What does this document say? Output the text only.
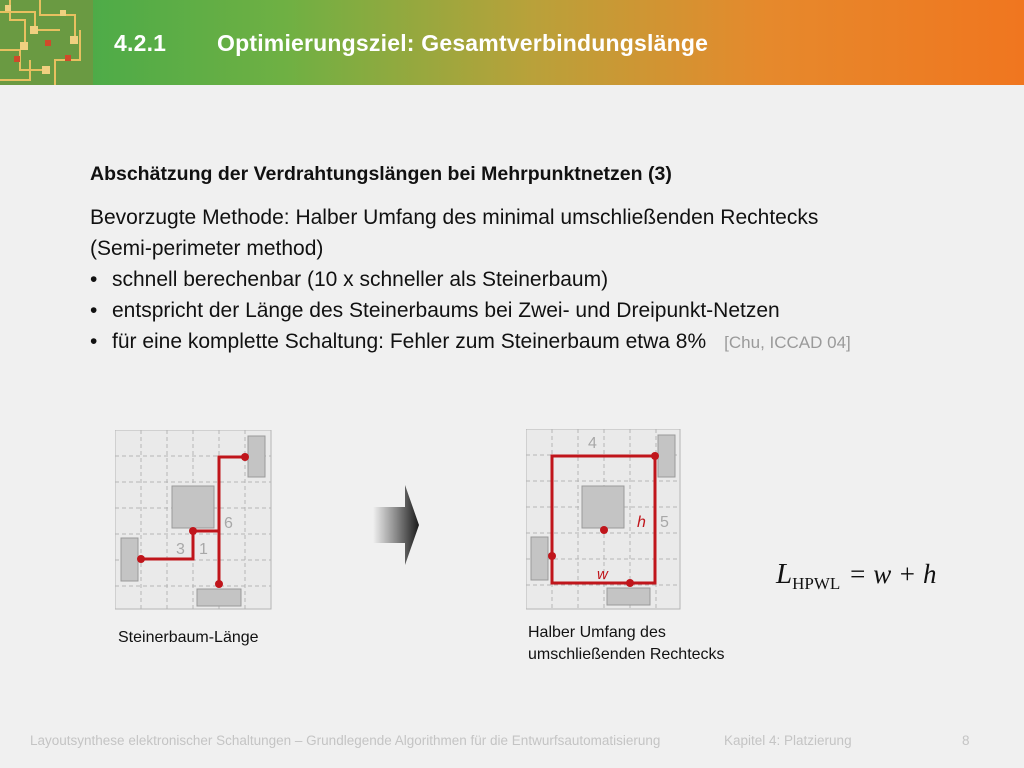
4.2.1 Optimierungsziel: Gesamtverbindungslänge
Abschätzung der Verdrahtungslängen bei Mehrpunktnetzen (3)
Bevorzugte Methode: Halber Umfang des minimal umschließenden Rechtecks
(Semi-perimeter method)
• schnell berechenbar (10 x schneller als Steinerbaum)
• entspricht der Länge des Steinerbaums bei Zwei- und Dreipunkt-Netzen
• für eine komplette Schaltung: Fehler zum Steinerbaum etwa 8% [Chu, ICCAD 04]
6
3 1
Steinerbaum-Länge
4
5
h
w
Halber Umfang des
umschließenden Rechtecks
LHPWL = w + h
Layoutsynthese elektronischer Schaltungen – Grundlegende Algorithmen für die Entwurfsautomatisierung	Kapitel 4: Platzierung	8
